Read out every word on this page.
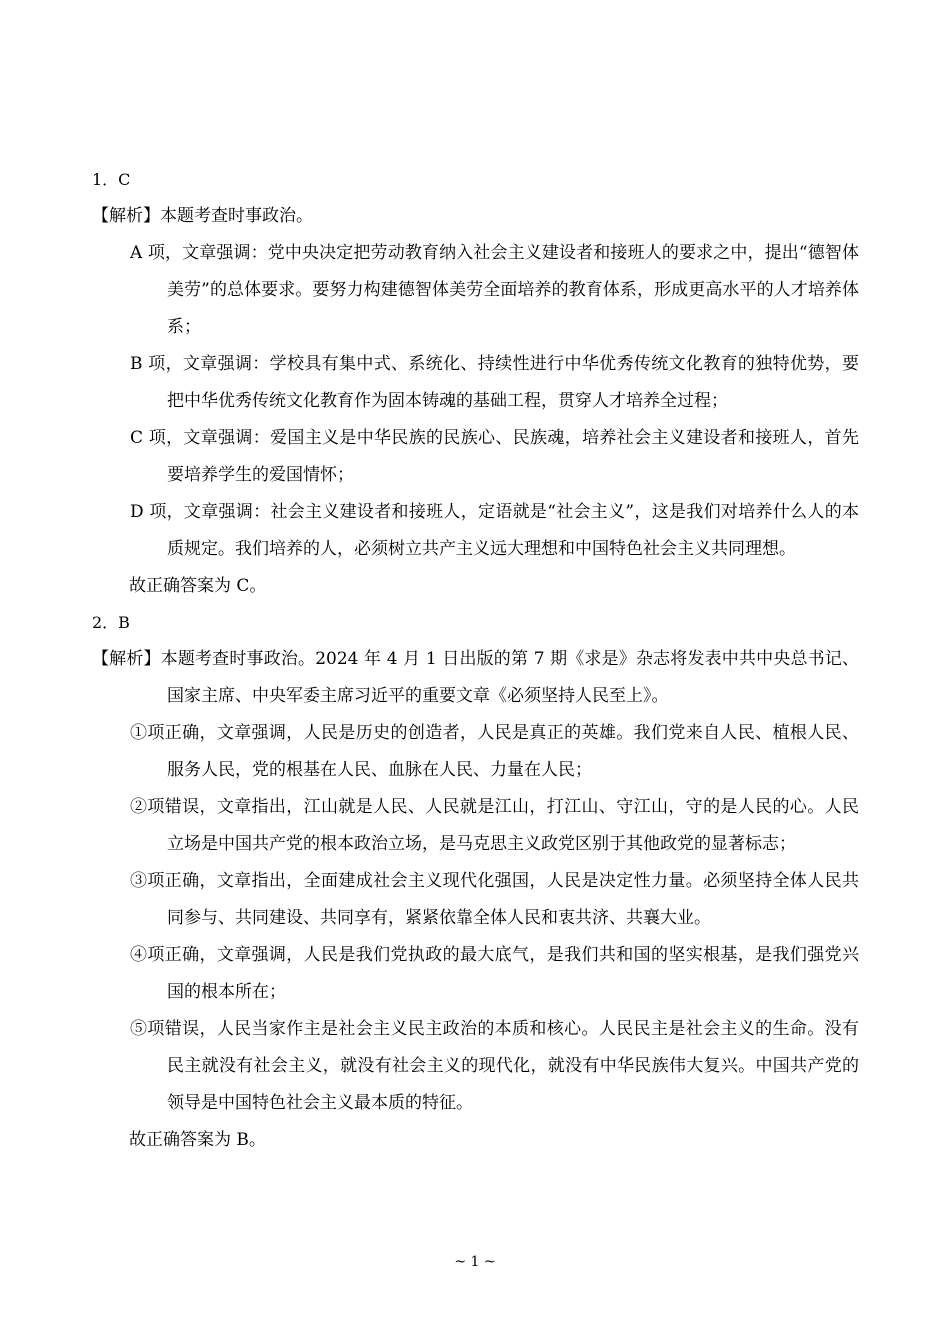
1．C
【解析】本题考查时事政治。
A 项，文章强调：党中央决定把劳动教育纳入社会主义建设者和接班人的要求之中，提出“德智体美劳”的总体要求。要努力构建德智体美劳全面培养的教育体系，形成更高水平的人才培养体系；
B 项，文章强调：学校具有集中式、系统化、持续性进行中华优秀传统文化教育的独特优势，要把中华优秀传统文化教育作为固本铸魂的基础工程，贯穿人才培养全过程；
C 项，文章强调：爱国主义是中华民族的民族心、民族魂，培养社会主义建设者和接班人，首先要培养学生的爱国情怀；
D 项，文章强调：社会主义建设者和接班人，定语就是“社会主义”，这是我们对培养什么人的本质规定。我们培养的人，必须树立共产主义远大理想和中国特色社会主义共同理想。
故正确答案为 C。
2．B
【解析】本题考查时事政治。2024 年 4 月 1 日出版的第 7 期《求是》杂志将发表中共中央总书记、国家主席、中央军委主席习近平的重要文章《必须坚持人民至上》。
①项正确，文章强调，人民是历史的创造者，人民是真正的英雄。我们党来自人民、植根人民、服务人民，党的根基在人民、血脉在人民、力量在人民；
②项错误，文章指出，江山就是人民、人民就是江山，打江山、守江山，守的是人民的心。人民立场是中国共产党的根本政治立场，是马克思主义政党区别于其他政党的显著标志；
③项正确，文章指出，全面建成社会主义现代化强国，人民是决定性力量。必须坚持全体人民共同参与、共同建设、共同享有，紧紧依靠全体人民和衷共济、共襄大业。
④项正确，文章强调，人民是我们党执政的最大底气，是我们共和国的坚实根基，是我们强党兴国的根本所在；
⑤项错误，人民当家作主是社会主义民主政治的本质和核心。人民民主是社会主义的生命。没有民主就没有社会主义，就没有社会主义的现代化，就没有中华民族伟大复兴。中国共产党的领导是中国特色社会主义最本质的特征。
故正确答案为 B。
~ 1 ~
